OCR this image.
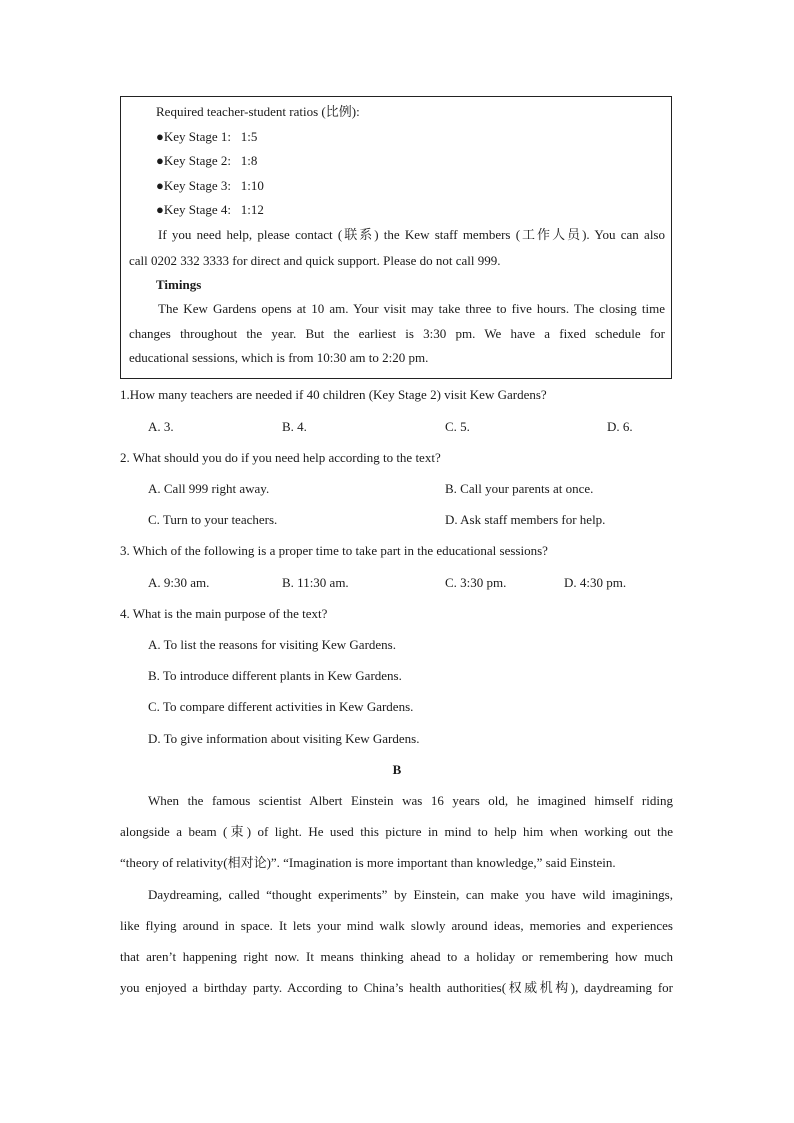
Required teacher-student ratios (比例):
●Key Stage 1: 1:5
●Key Stage 2: 1:8
●Key Stage 3: 1:10
●Key Stage 4: 1:12
If you need help, please contact (联系) the Kew staff members (工作人员). You can also
call 0202 332 3333 for direct and quick support. Please do not call 999.
Timings
The Kew Gardens opens at 10 am. Your visit may take three to five hours. The closing time
changes throughout the year. But the earliest is 3:30 pm. We have a fixed schedule for
educational sessions, which is from 10:30 am to 2:20 pm.
1.How many teachers are needed if 40 children (Key Stage 2) visit Kew Gardens?
A. 3.	B. 4.	C. 5.	D. 6.
2. What should you do if you need help according to the text?
A. Call 999 right away.	B. Call your parents at once.
C. Turn to your teachers.	D. Ask staff members for help.
3. Which of the following is a proper time to take part in the educational sessions?
A. 9:30 am.	B. 11:30 am.	C. 3:30 pm.	D. 4:30 pm.
4. What is the main purpose of the text?
A. To list the reasons for visiting Kew Gardens.
B. To introduce different plants in Kew Gardens.
C. To compare different activities in Kew Gardens.
D. To give information about visiting Kew Gardens.
B
When the famous scientist Albert Einstein was 16 years old, he imagined himself riding
alongside a beam (束) of light. He used this picture in mind to help him when working out the
“theory of relativity(相对论)”. “Imagination is more important than knowledge,” said Einstein.
Daydreaming, called “thought experiments” by Einstein, can make you have wild imaginings,
like flying around in space. It lets your mind walk slowly around ideas, memories and experiences
that aren’t happening right now. It means thinking ahead to a holiday or remembering how much
you enjoyed a birthday party. According to China’s health authorities(权威机构), daydreaming for
